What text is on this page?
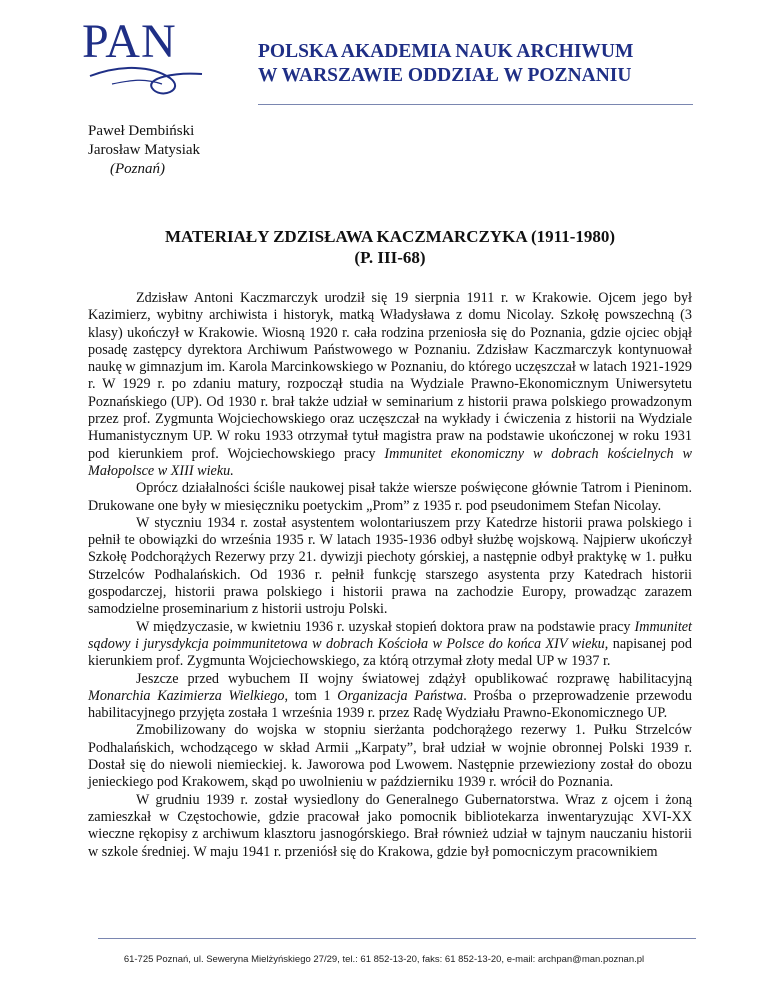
PAN	POLSKA AKADEMIA NAUK ARCHIWUM
W WARSZAWIE ODDZIAŁ W POZNANIU
Paweł Dembiński
Jarosław Matysiak
(Poznań)
MATERIAŁY ZDZISŁAWA KACZMARCZYKA (1911-1980)
(P. III-68)

Zdzisław Antoni Kaczmarczyk urodził się 19 sierpnia 1911 r. w Krakowie. Ojcem jego był Kazimierz, wybitny archiwista i historyk, matką Władysława z domu Nicolay. Szkołę powszechną (3 klasy) ukończył w Krakowie. Wiosną 1920 r. cała rodzina przeniosła się do Poznania, gdzie ojciec objął posadę zastępcy dyrektora Archiwum Państwowego w Poznaniu. Zdzisław Kaczmarczyk kontynuował naukę w gimnazjum im. Karola Marcinkowskiego w Poznaniu, do którego uczęszczał w latach 1921-1929 r. W 1929 r. po zdaniu matury, rozpoczął studia na Wydziale Prawno-Ekonomicznym Uniwersytetu Poznańskiego (UP). Od 1930 r. brał także udział w seminarium z historii prawa polskiego prowadzonym przez prof. Zygmunta Wojciechowskiego oraz uczęszczał na wykłady i ćwiczenia z historii na Wydziale Humanistycznym UP. W roku 1933 otrzymał tytuł magistra praw na podstawie ukończonej w roku 1931 pod kierunkiem prof. Wojciechowskiego pracy Immunitet ekonomiczny w dobrach kościelnych w Małopolsce w XIII wieku.

Oprócz działalności ściśle naukowej pisał także wiersze poświęcone głównie Tatrom i Pieninom. Drukowane one były w miesięczniku poetyckim „Prom” z 1935 r. pod pseudonimem Stefan Nicolay.

W styczniu 1934 r. został asystentem wolontariuszem przy Katedrze historii prawa polskiego i pełnił te obowiązki do września 1935 r. W latach 1935-1936 odbył służbę wojskową. Najpierw ukończył Szkołę Podchorążych Rezerwy przy 21. dywizji piechoty górskiej, a następnie odbył praktykę w 1. pułku Strzelców Podhalańskich. Od 1936 r. pełnił funkcję starszego asystenta przy Katedrach historii gospodarczej, historii prawa polskiego i historii prawa na zachodzie Europy, prowadząc zarazem samodzielne proseminarium z historii ustroju Polski.

W międzyczasie, w kwietniu 1936 r. uzyskał stopień doktora praw na podstawie pracy Immunitet sądowy i jurysdykcja poimmunitetowa w dobrach Kościoła w Polsce do końca XIV wieku, napisanej pod kierunkiem prof. Zygmunta Wojciechowskiego, za którą otrzymał złoty medal UP w 1937 r.

Jeszcze przed wybuchem II wojny światowej zdążył opublikować rozprawę habilitacyjną Monarchia Kazimierza Wielkiego, tom 1 Organizacja Państwa. Prośba o przeprowadzenie przewodu habilitacyjnego przyjęta została 1 września 1939 r. przez Radę Wydziału Prawno-Ekonomicznego UP.

Zmobilizowany do wojska w stopniu sierżanta podchorążego rezerwy 1. Pułku Strzelców Podhalańskich, wchodzącego w skład Armii „Karpaty”, brał udział w wojnie obronnej Polski 1939 r. Dostał się do niewoli niemieckiej. k. Jaworowa pod Lwowem. Następnie przewieziony został do obozu jenieckiego pod Krakowem, skąd po uwolnieniu w październiku 1939 r. wrócił do Poznania.

W grudniu 1939 r. został wysiedlony do Generalnego Gubernatorstwa. Wraz z ojcem i żoną zamieszkał w Częstochowie, gdzie pracował jako pomocnik bibliotekarza inwentaryzując XVI-XX wieczne rękopisy z archiwum klasztoru jasnogórskiego. Brał również udział w tajnym nauczaniu historii w szkole średniej. W maju 1941 r. przeniósł się do Krakowa, gdzie był pomocniczym pracownikiem

61-725 Poznań, ul. Seweryna Mielżyńskiego 27/29, tel.: 61 852-13-20, faks: 61 852-13-20, e-mail: archpan@man.poznan.pl
